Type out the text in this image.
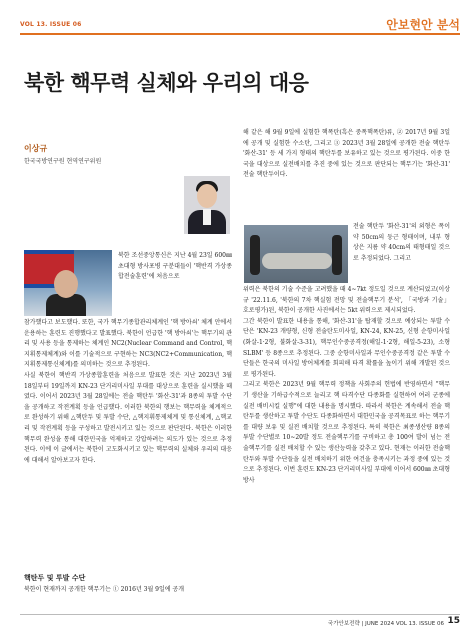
VOL 13. ISSUE 06	안보현안 분석
북한 핵무력 실체와 우리의 대응
이상규
한국국방연구원 현역연구위원

북한 조선중앙통신은 지난 4월 23일 600㎜ 초대형 방사포병 구분대들이 '핵반격 가상종합전술훈련'에 처음으로

참가했다고 보도했다. 또한, 국가 핵무기종합관리체계인 '핵 방아쇠' 체계 안에서 운용하는 훈련도 진행했다고 발표했다. 북한이 언급한 '핵 방아쇠'는 핵무기의 관리 및 사용 등을 통제하는 체계인 NC2(Nuclear Command and Control, 핵지휘통제체계)와 이를 기술적으로 구현하는 NC3(NC2+Communication, 핵지휘통제통신체계)를 의미하는 것으로 추정된다.
사실 북한이 핵반격 가상종합훈련을 처음으로 발표한 것은 지난 2023년 3월 18일부터 19일까지 KN-23 단거리미사일 부대를 대상으로 훈련을 실시했을 때였다. 이어서 2023년 3월 28일에는 전술 핵탄두 '화산-31'과 8종의 투발 수단을 공개하고 작전계획 등을 언급했다. 이러한 북한의 행보는 핵무력을 체계적으로 완성하기 위해 △핵탄두 및 투발 수단, △핵지휘통제체계 및 통신체계, △핵교리 및 작전계획 등을 구성하고 발전시키고 있는 것으로 판단된다. 북한은 이러한 핵무력 완성을 통해 대한민국을 억제하고 강압하려는 의도가 있는 것으로 추정된다. 이에 이 글에서는 북한이 고도화시키고 있는 핵무력의 실체와 우리의 대응에 대해서 알아보고자 한다.

핵탄두 및 투발 수단

북한이 현재까지 공개한 핵무기는 ① 2016년 3월 9일에 공개

해 같은 해 9월 9일에 실험한 핵폭탄(흑은 중폭핵폭탄)류, ② 2017년 9월 3일에 공개 및 실험한 수소탄, 그리고 ③ 2023년 3월 28일에 공개한 전술 핵탄두 '화산-31' 등 세 가지 형태의 핵탄두를 보유하고 있는 것으로 평가된다. 이중 한국을 대상으로 실전배치를 추진 중에 있는 것으로 판단되는 핵무기는 '화산-31' 전술 핵탄두이다.

전술 핵탄두 '화산-31'의 외형은 폭이 약 50cm의 둥근 형태이며, 내부 형상은 지름 약 40cm의 태형태일 것으로 추정되었다. 그리고

위력은 북한의 기술 수준을 고려했을 때 4~7kt 정도일 것으로 계산되었고(이상규 '22.11.6, '북한의 7차 핵실험 전망 및 전술핵무기 분석', 「국방과 기술」 호로평가)된, 북한이 공개한 사진에서는 5kt 위력으로 제시되었다.
그간 북한이 발표한 내용을 통해, '화산-31'을 탑재할 것으로 예상되는 투발 수단은 'KN-23 개량형, 신형 전술탄도미사일, KN-24, KN-25, 신형 순항미사일(화살-1·2형, 불화살-3-31), 핵무인수중공격정(해일-1·2형, 해일-5-23), 소형 SLBM' 등 8종으로 추정된다. 그중 순항미사일과 무인수중공격정 같은 투발 수단들은 한국의 미사일 방어체계를 회피해 타격 확률을 높이기 위해 개발된 것으로 평가된다.
그리고 북한은 2023년 9월 핵무력 정책을 사회주의 헌법에 반영하면서 "핵무기 생산을 기하급수적으로 늘리고 핵 타격수단 다종화를 실현하여 여러 군종에 실전 배비시킬 실행"에 대한 내용을 명시했다. 따라서 북한은 계속해서 전술 핵탄두를 생산하고 투발 수단도 다종화하면서 대한민국을 공격목표로 하는 핵무기를 대량 보유 및 실전 배치할 것으로 추정된다. 특히 북한은 최종생산량 8종의 투발 수단별로 10~20발 정도 전술핵무기를 구비하고 총 100여 발이 넘는 전술핵무기를 실전 배치할 수 있는 생산능력을 갖추고 있다. 현재는 이러한 전술핵탄두와 투발 수단들을 실전 배치하기 위한 여건을 충족시키는 과정 중에 있는 것으로 추정된다. 이번 훈련도 KN-23 단거리미사일 부대에 이어서 600㎜ 초대형 방사

국가안보전략 | JUNE 2024 VOL 13. ISSUE 06 15
